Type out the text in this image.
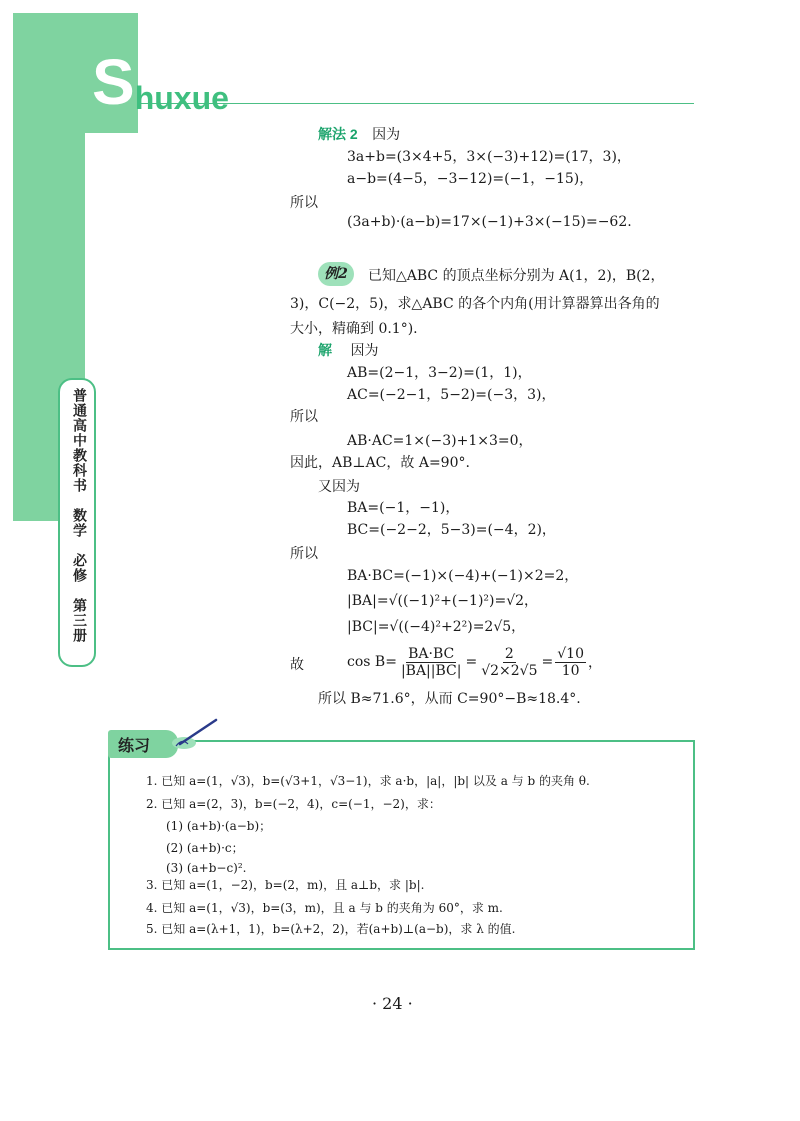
Shuxue
普通高中教科书　数学　必修　第三册
解法 2 因为
3a+b=(3×4+5，3×(−3)+12)=(17，3)，
a−b=(4−5，−3−12)=(−1，−15)，
所以
(3a+b)·(a−b)=17×(−1)+3×(−15)=−62.
例2	已知△ABC 的顶点坐标分别为 A(1，2)，B(2，
3)，C(−2，5)，求△ABC 的各个内角(用计算器算出各角的
大小，精确到 0.1°).
解 因为
AB=(2−1，3−2)=(1，1)，
AC=(−2−1，5−2)=(−3，3)，
所以
AB·AC=1×(−3)+1×3=0，
因此，AB⊥AC，故 A=90°.
又因为
BA=(−1，−1)，
BC=(−2−2，5−3)=(−4，2)，
所以
BA·BC=(−1)×(−4)+(−1)×2=2，
|BA|=√((−1)²+(−1)²)=√2，
|BC|=√((−4)²+2²)=2√5，
故	$\cos B= \frac{BA\cdot BC}{|BA||BC|} = \frac{2}{√2\times 2√5} = \frac{√10}{10}$ ，
所以 B≈71.6°，从而 C=90°−B≈18.4°.
练习
1. 已知 a=(1，√3)，b=(√3+1，√3−1)，求 a·b，|a|，|b| 以及 a 与 b 的夹角 θ.
2. 已知 a=(2，3)，b=(−2，4)，c=(−1，−2)，求：
(1) (a+b)·(a−b)；
(2) (a+b)·c；
(3) (a+b−c)².
3. 已知 a=(1，−2)，b=(2，m)，且 a⊥b，求 |b|.
4. 已知 a=(1，√3)，b=(3，m)，且 a 与 b 的夹角为 60°，求 m.
5. 已知 a=(λ+1，1)，b=(λ+2，2)，若(a+b)⊥(a−b)，求 λ 的值.
· 24 ·
